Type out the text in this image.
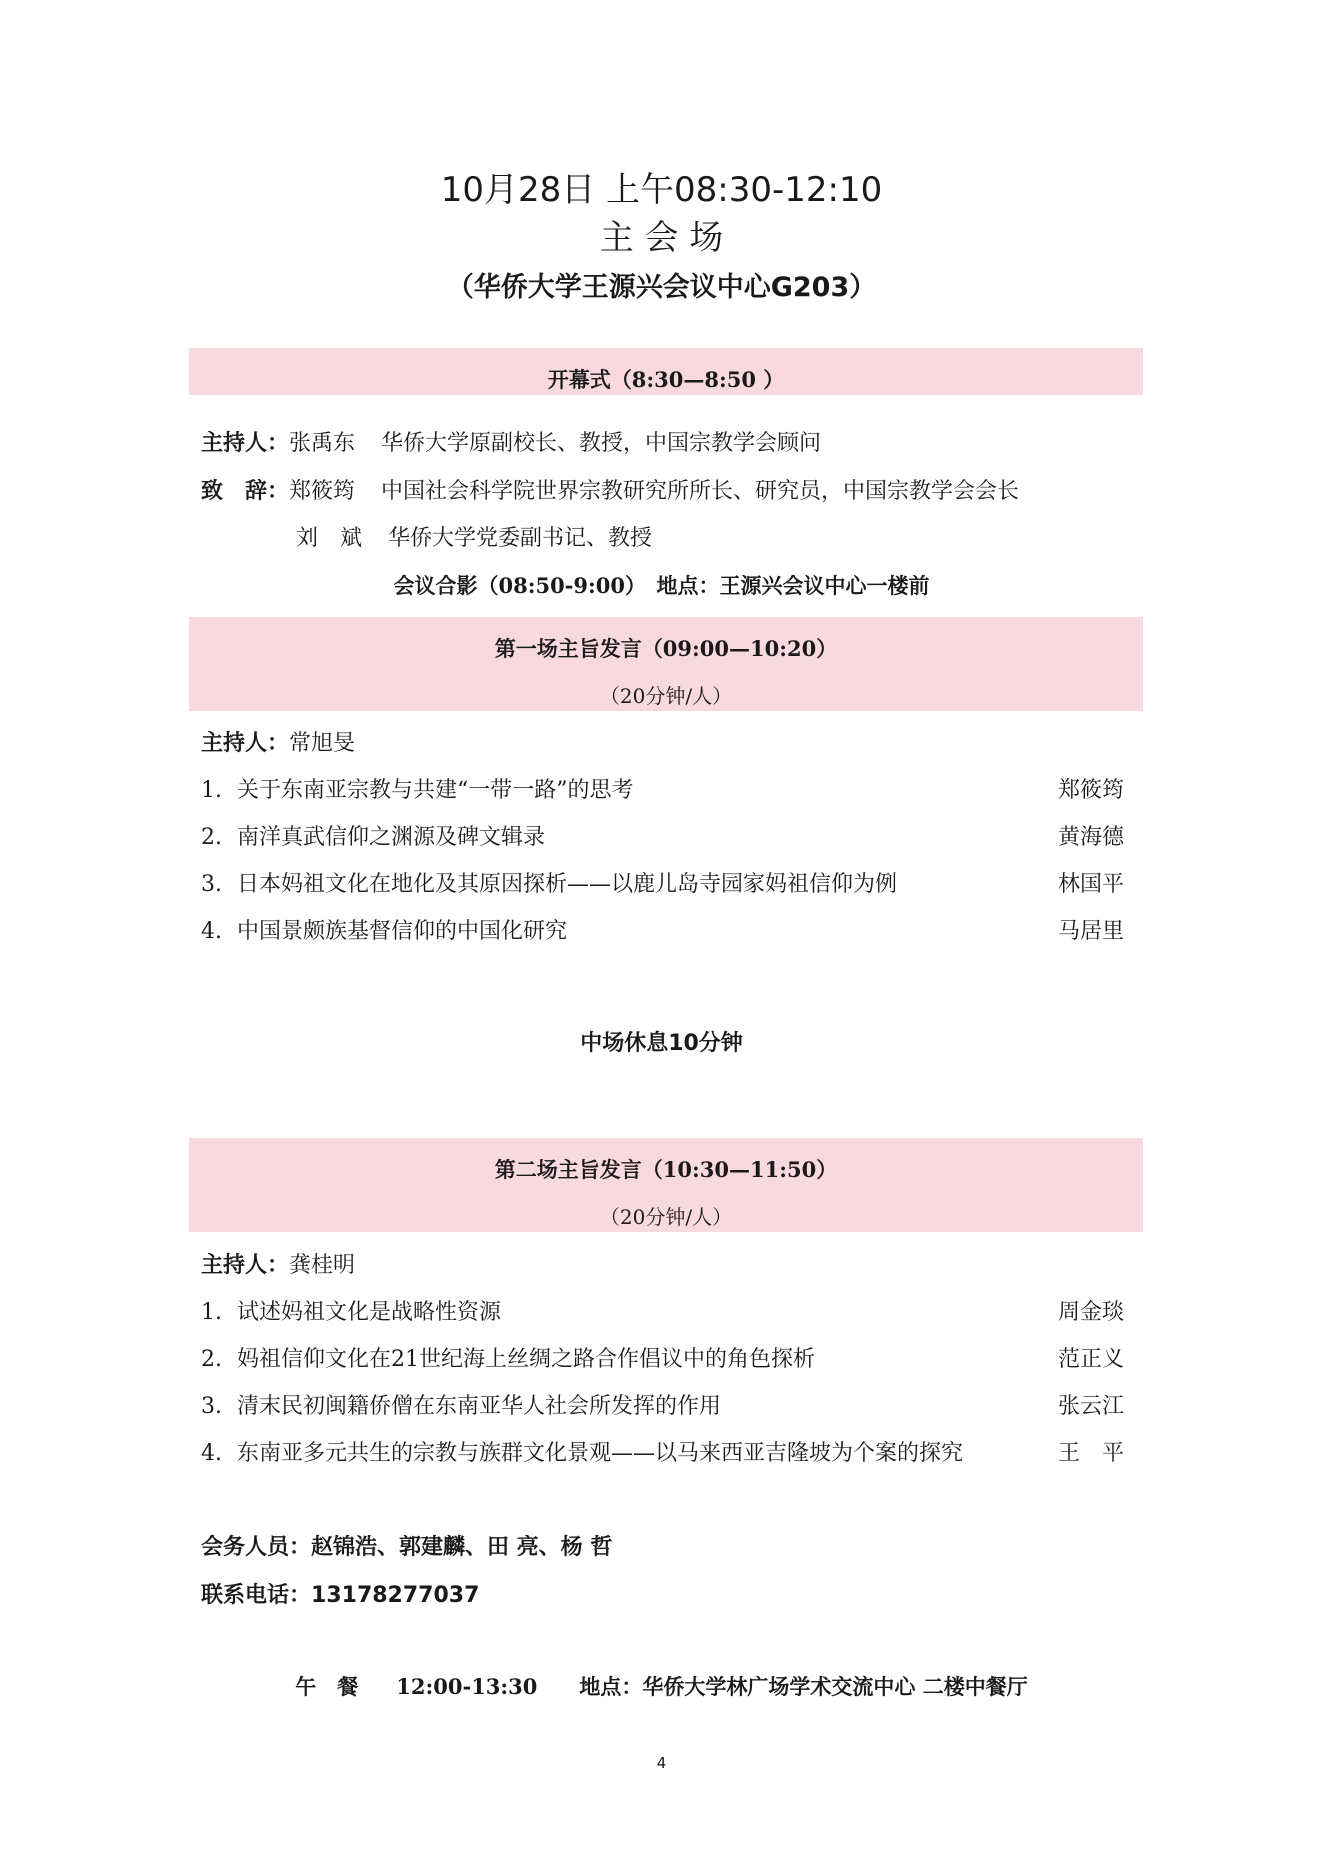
10月28日 上午08:30-12:10
主 会 场
（华侨大学王源兴会议中心G203）
开幕式（8:30—8:50 ）
主持人：张禹东 华侨大学原副校长、教授，中国宗教学会顾问
致　辞：郑筱筠 中国社会科学院世界宗教研究所所长、研究员，中国宗教学会会长
刘　斌 华侨大学党委副书记、教授
会议合影（08:50-9:00）　地点：王源兴会议中心一楼前
第一场主旨发言（09:00—10:20）
（20分钟/人）
主持人：常旭旻
1. 关于东南亚宗教与共建“一带一路”的思考	郑筱筠
2. 南洋真武信仰之渊源及碑文辑录	黄海德
3. 日本妈祖文化在地化及其原因探析——以鹿儿岛寺园家妈祖信仰为例	林国平
4. 中国景颇族基督信仰的中国化研究	马居里
中场休息10分钟
第二场主旨发言（10:30—11:50）
（20分钟/人）
主持人：龚桂明
1. 试述妈祖文化是战略性资源	周金琰
2. 妈祖信仰文化在21世纪海上丝绸之路合作倡议中的角色探析	范正义
3. 清末民初闽籍侨僧在东南亚华人社会所发挥的作用	张云江
4. 东南亚多元共生的宗教与族群文化景观——以马来西亚吉隆坡为个案的探究	王　平
会务人员：赵锦浩、郭建麟、田 亮、杨 哲
联系电话：13178277037
午　餐 12:00-13:30 地点：华侨大学林广场学术交流中心 二楼中餐厅
4
